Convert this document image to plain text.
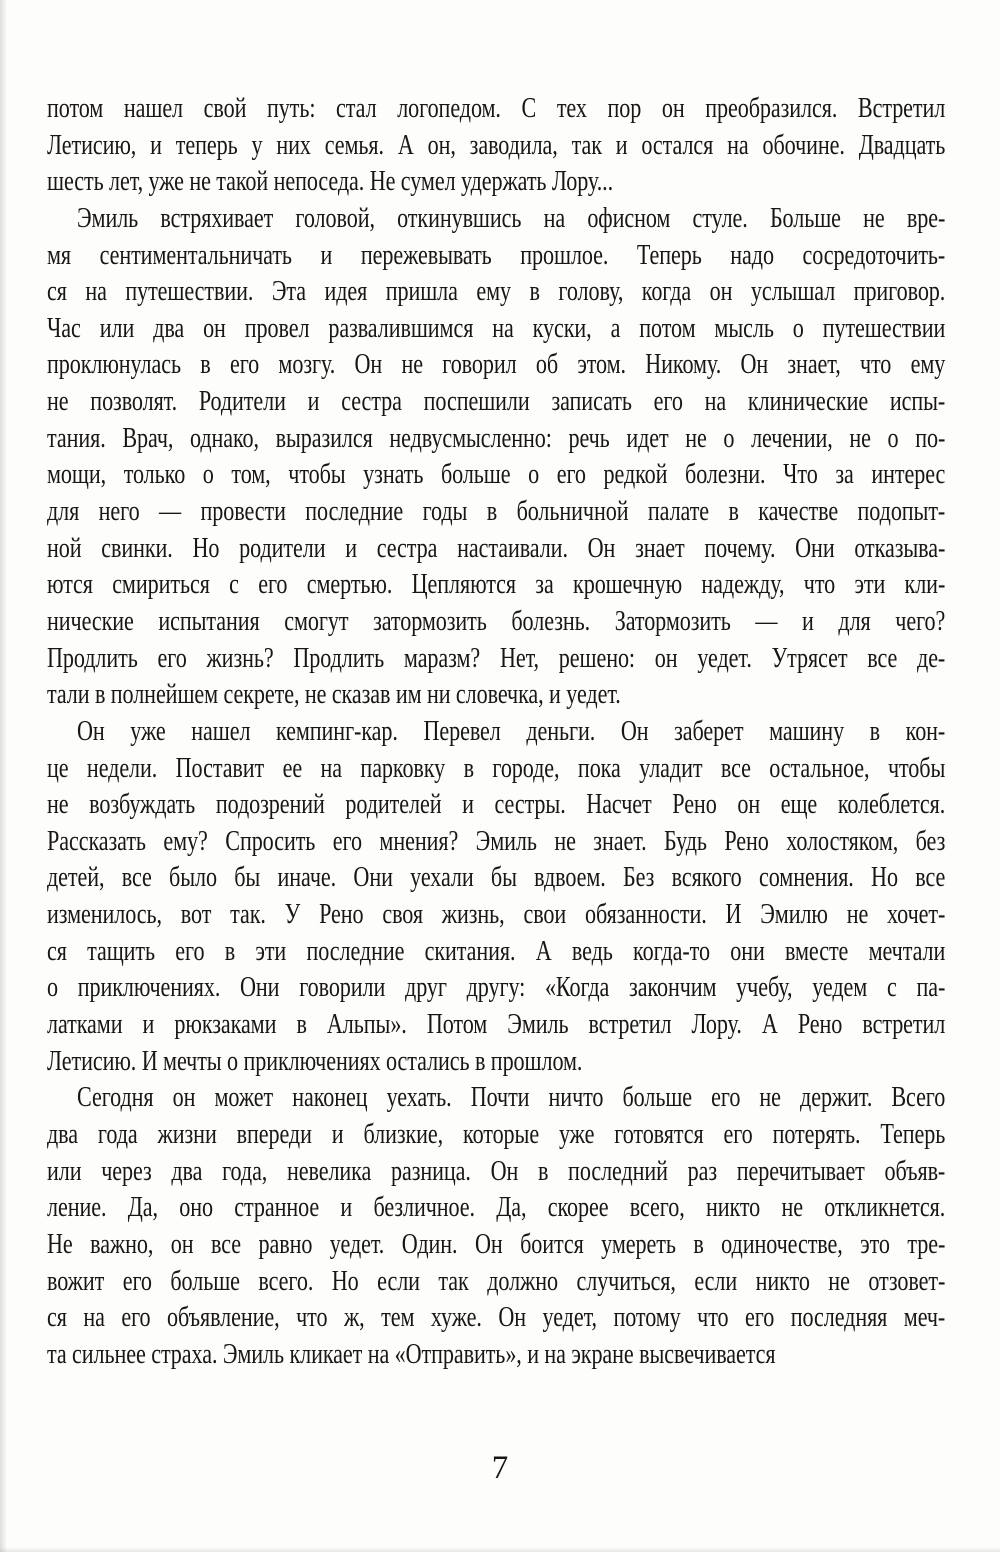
потом нашел свой путь: стал логопедом. С тех пор он преобразился. Встретил
Летисию, и теперь у них семья. А он, заводила, так и остался на обочине. Двадцать
шесть лет, уже не такой непоседа. Не сумел удержать Лору...
Эмиль встряхивает головой, откинувшись на офисном стуле. Больше не вре-
мя сентиментальничать и пережевывать прошлое. Теперь надо сосредоточить-
ся на путешествии. Эта идея пришла ему в голову, когда он услышал приговор.
Час или два он провел развалившимся на куски, а потом мысль о путешествии
проклюнулась в его мозгу. Он не говорил об этом. Никому. Он знает, что ему
не позволят. Родители и сестра поспешили записать его на клинические испы-
тания. Врач, однако, выразился недвусмысленно: речь идет не о лечении, не о по-
мощи, только о том, чтобы узнать больше о его редкой болезни. Что за интерес
для него — провести последние годы в больничной палате в качестве подопыт-
ной свинки. Но родители и сестра настаивали. Он знает почему. Они отказыва-
ются смириться с его смертью. Цепляются за крошечную надежду, что эти кли-
нические испытания смогут затормозить болезнь. Затормозить — и для чего?
Продлить его жизнь? Продлить маразм? Нет, решено: он уедет. Утрясет все де-
тали в полнейшем секрете, не сказав им ни словечка, и уедет.
Он уже нашел кемпинг-кар. Перевел деньги. Он заберет машину в кон-
це недели. Поставит ее на парковку в городе, пока уладит все остальное, чтобы
не возбуждать подозрений родителей и сестры. Насчет Рено он еще колеблется.
Рассказать ему? Спросить его мнения? Эмиль не знает. Будь Рено холостяком, без
детей, все было бы иначе. Они уехали бы вдвоем. Без всякого сомнения. Но все
изменилось, вот так. У Рено своя жизнь, свои обязанности. И Эмилю не хочет-
ся тащить его в эти последние скитания. А ведь когда-то они вместе мечтали
о приключениях. Они говорили друг другу: «Когда закончим учебу, уедем с па-
латками и рюкзаками в Альпы». Потом Эмиль встретил Лору. А Рено встретил
Летисию. И мечты о приключениях остались в прошлом.
Сегодня он может наконец уехать. Почти ничто больше его не держит. Всего
два года жизни впереди и близкие, которые уже готовятся его потерять. Теперь
или через два года, невелика разница. Он в последний раз перечитывает объяв-
ление. Да, оно странное и безличное. Да, скорее всего, никто не откликнется.
Не важно, он все равно уедет. Один. Он боится умереть в одиночестве, это тре-
вожит его больше всего. Но если так должно случиться, если никто не отзовет-
ся на его объявление, что ж, тем хуже. Он уедет, потому что его последняя меч-
та сильнее страха. Эмиль кликает на «Отправить», и на экране высвечивается
7
